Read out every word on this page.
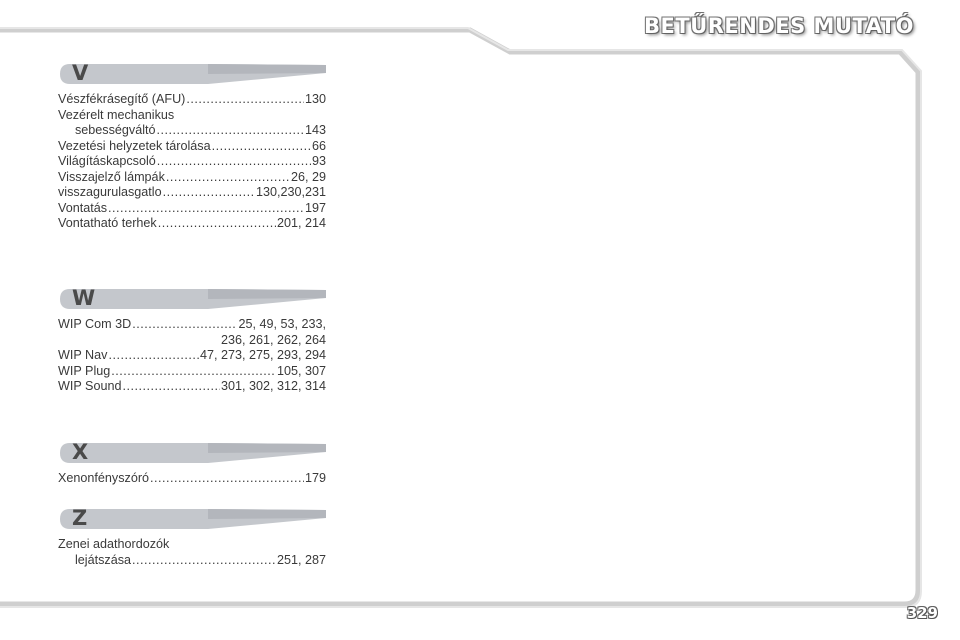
BETŰRENDES MUTATÓ
V
Vészfékrásegítő (AFU) .....	130
Vezérelt mechanikus
sebességváltó .....	143
Vezetési helyzetek tárolása .....	66
Világításkapcsoló .....	93
Visszajelző lámpák .....	26, 29
visszagurulasgatlo .....	130,230,231
Vontatás .....	197
Vontatható terhek .....	201, 214
W
WIP Com 3D .....	25, 49, 53, 233,
236, 261, 262, 264
WIP Nav .....	47, 273, 275, 293, 294
WIP Plug .....	105, 307
WIP Sound .....	301, 302, 312, 314
X
Xenonfényszóró .....	179
Z
Zenei adathordozók
lejátszása .....	251, 287
329
